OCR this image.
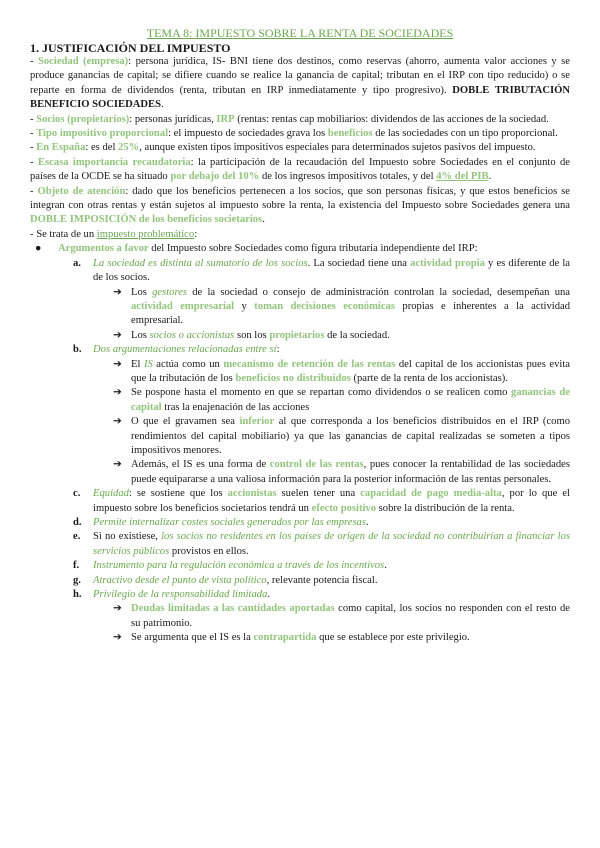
TEMA 8: IMPUESTO SOBRE LA RENTA DE SOCIEDADES
1. JUSTIFICACIÓN DEL IMPUESTO

- Sociedad (empresa): persona jurídica, IS- BNI tiene dos destinos, como reservas (ahorro, aumenta valor acciones y se produce ganancias de capital; se difiere cuando se realice la ganancia de capital; tributan en el IRP con tipo reducido) o se reparte en forma de dividendos (renta, tributan en IRP inmediatamente y tipo progresivo). DOBLE TRIBUTACIÓN BENEFICIO SOCIEDADES.

- Socios (propietarios): personas jurídicas, IRP (rentas: rentas cap mobiliarios: dividendos de las acciones de la sociedad.

- Tipo impositivo proporcional: el impuesto de sociedades grava los beneficios de las sociedades con un tipo proporcional.

- En España: es del 25%, aunque existen tipos impositivos especiales para determinados sujetos pasivos del impuesto.

- Escasa importancia recaudatoria: la participación de la recaudación del Impuesto sobre Sociedades en el conjunto de países de la OCDE se ha situado por debajo del 10% de los ingresos impositivos totales, y del 4% del PIB.

- Objeto de atención: dado que los beneficios pertenecen a los socios, que son personas físicas, y que estos beneficios se integran con otras rentas y están sujetos al impuesto sobre la renta, la existencia del Impuesto sobre Sociedades genera una DOBLE IMPOSICIÓN de los beneficios societarios.

- Se trata de un impuesto problemático:

●	Argumentos a favor del Impuesto sobre Sociedades como figura tributaria independiente del IRP:
a.	La sociedad es distinta al sumatorio de los socios. La sociedad tiene una actividad propia y es diferente de la de los socios.
➔ Los gestores de la sociedad o consejo de administración controlan la sociedad, desempeñan una actividad empresarial y toman decisiones económicas propias e inherentes a la actividad empresarial.
➔ Los socios o accionistas son los propietarios de la sociedad.
b.	Dos argumentaciones relacionadas entre sí:
➔ El IS actúa como un mecanismo de retención de las rentas del capital de los accionistas pues evita que la tributación de los beneficios no distribuidos (parte de la renta de los accionistas).
➔ Se pospone hasta el momento en que se repartan como dividendos o se realicen como ganancias de capital tras la enajenación de las acciones
➔ O que el gravamen sea inferior al que corresponda a los beneficios distribuidos en el IRP (como rendimientos del capital mobiliario) ya que las ganancias de capital realizadas se someten a tipos impositivos menores.
➔ Además, el IS es una forma de control de las rentas, pues conocer la rentabilidad de las sociedades puede equipararse a una valiosa información para la posterior información de las rentas personales.
c.	Equidad: se sostiene que los accionistas suelen tener una capacidad de pago media-alta, por lo que el impuesto sobre los beneficios societarios tendrá un efecto positivo sobre la distribución de la renta.
d.	Permite internalizar costes sociales generados por las empresas.
e.	Si no existiese, los socios no residentes en los países de origen de la sociedad no contribuirían a financiar los servicios públicos provistos en ellos.
f.	Instrumento para la regulación económica a través de los incentivos.
g.	Atractivo desde el punto de vista político, relevante potencia fiscal.
h.	Privilegio de la responsabilidad limitada.
➔ Deudas limitadas a las cantidades aportadas como capital, los socios no responden con el resto de su patrimonio.
➔ Se argumenta que el IS es la contrapartida que se establece por este privilegio.
